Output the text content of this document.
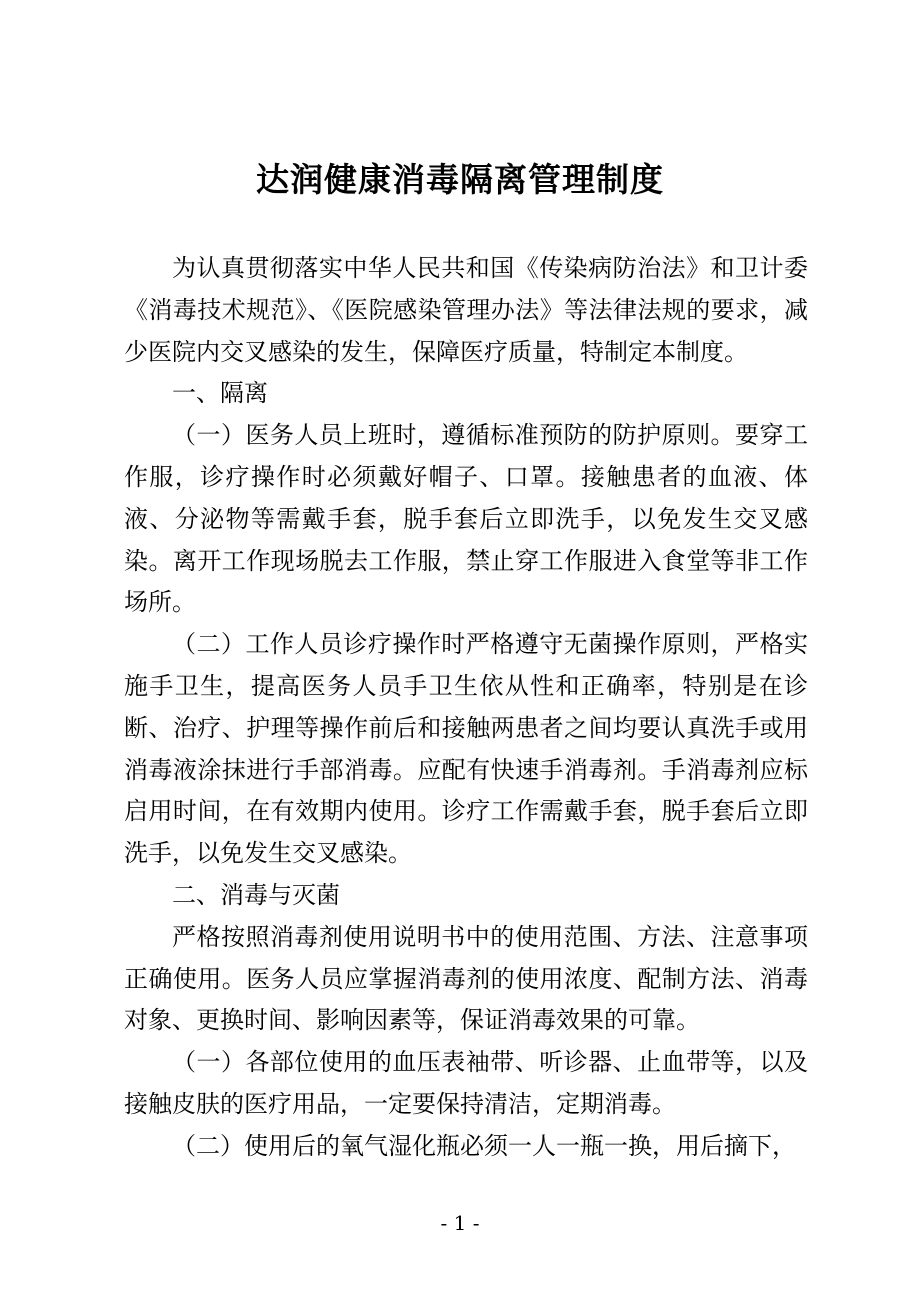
达润健康消毒隔离管理制度

为认真贯彻落实中华人民共和国《传染病防治法》和卫计委《消毒技术规范》、《医院感染管理办法》等法律法规的要求，减少医院内交叉感染的发生，保障医疗质量，特制定本制度。

一、隔离

（一）医务人员上班时，遵循标准预防的防护原则。要穿工作服，诊疗操作时必须戴好帽子、口罩。接触患者的血液、体液、分泌物等需戴手套，脱手套后立即洗手，以免发生交叉感染。离开工作现场脱去工作服，禁止穿工作服进入食堂等非工作场所。

（二）工作人员诊疗操作时严格遵守无菌操作原则，严格实施手卫生，提高医务人员手卫生依从性和正确率，特别是在诊断、治疗、护理等操作前后和接触两患者之间均要认真洗手或用消毒液涂抹进行手部消毒。应配有快速手消毒剂。手消毒剂应标启用时间，在有效期内使用。诊疗工作需戴手套，脱手套后立即洗手，以免发生交叉感染。

二、消毒与灭菌

严格按照消毒剂使用说明书中的使用范围、方法、注意事项正确使用。医务人员应掌握消毒剂的使用浓度、配制方法、消毒对象、更换时间、影响因素等，保证消毒效果的可靠。

（一）各部位使用的血压表袖带、听诊器、止血带等，以及接触皮肤的医疗用品，一定要保持清洁，定期消毒。

（二）使用后的氧气湿化瓶必须一人一瓶一换，用后摘下，

- 1 -
